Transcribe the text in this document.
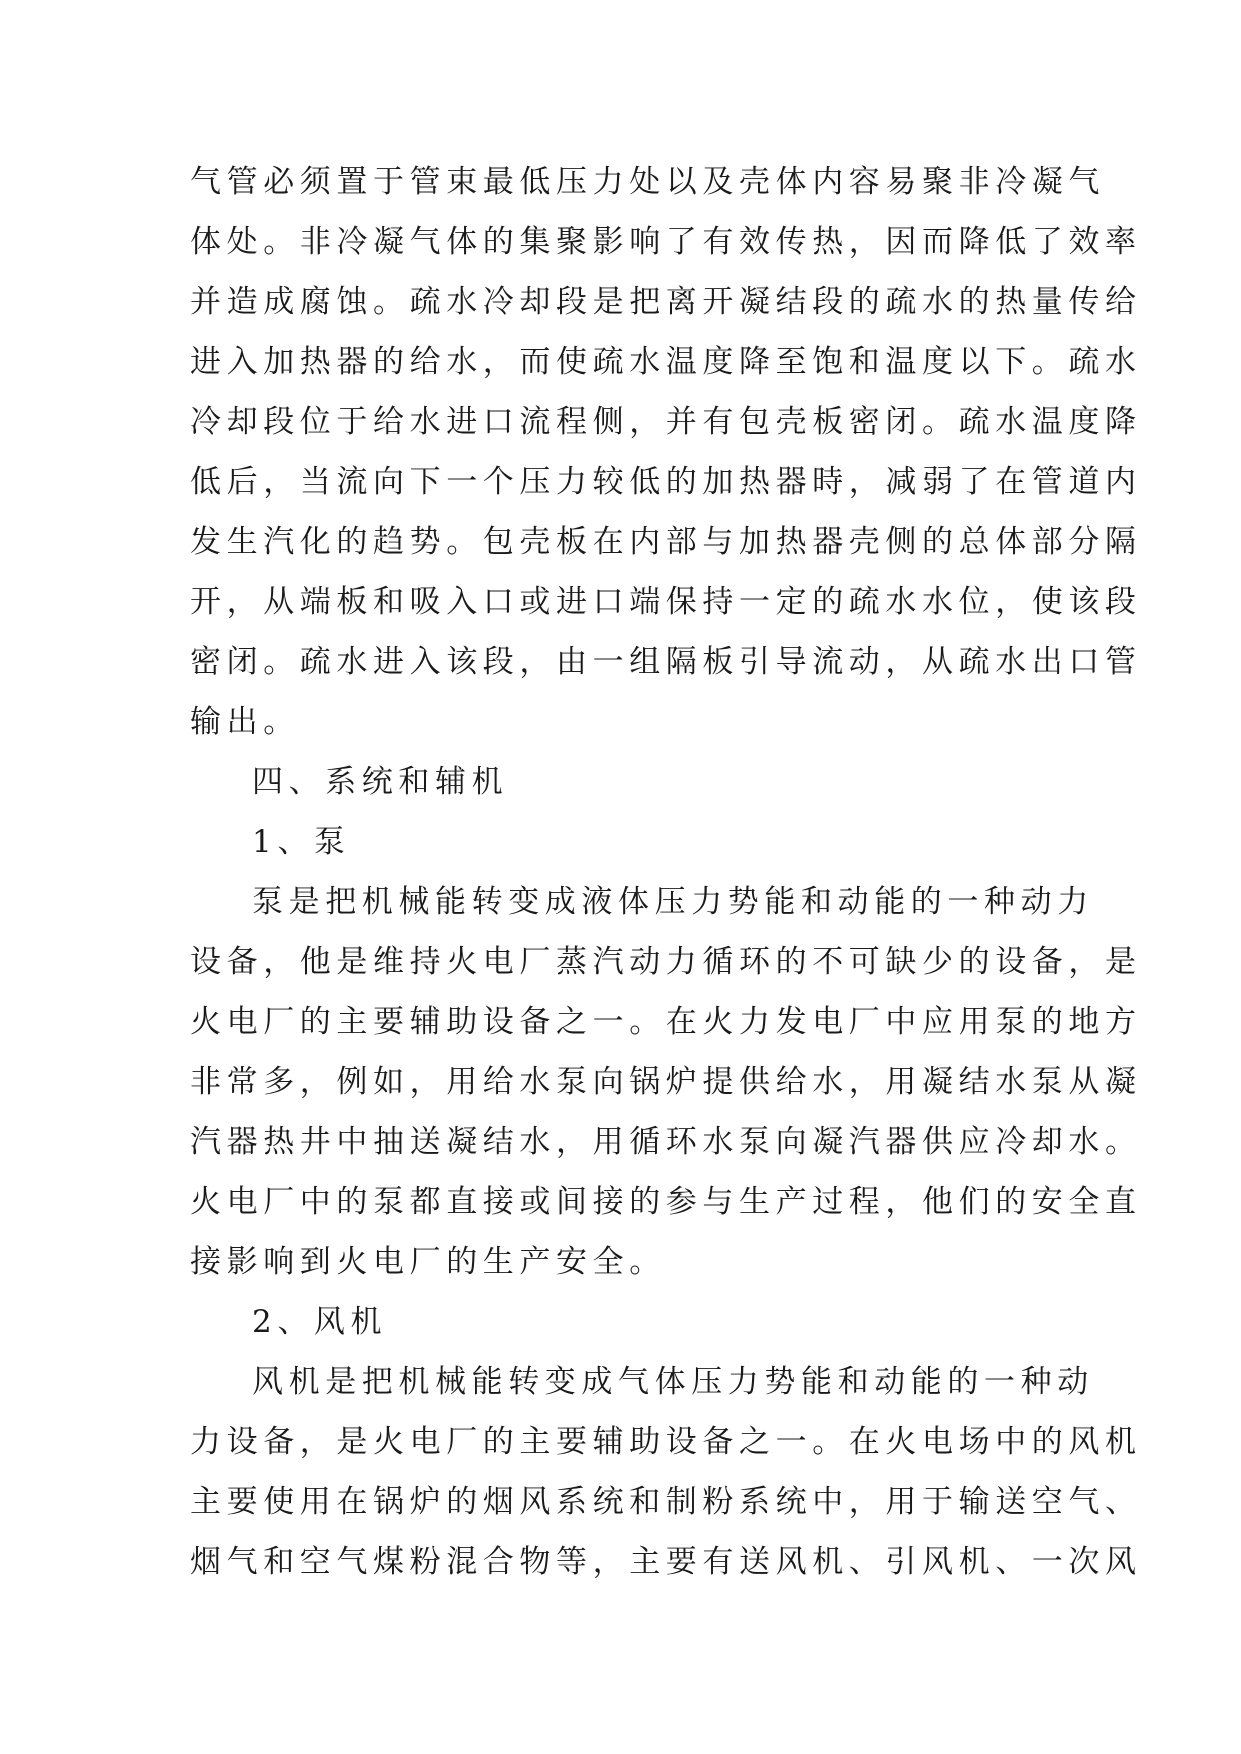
气管必须置于管束最低压力处以及壳体内容易聚非冷凝气
体处。非冷凝气体的集聚影响了有效传热，因而降低了效率
并造成腐蚀。疏水冷却段是把离开凝结段的疏水的热量传给
进入加热器的给水，而使疏水温度降至饱和温度以下。疏水
冷却段位于给水进口流程侧，并有包壳板密闭。疏水温度降
低后，当流向下一个压力较低的加热器時，减弱了在管道内
发生汽化的趋势。包壳板在内部与加热器壳侧的总体部分隔
开，从端板和吸入口或进口端保持一定的疏水水位，使该段
密闭。疏水进入该段，由一组隔板引导流动，从疏水出口管
输出。
四、系统和辅机
1、泵
泵是把机械能转变成液体压力势能和动能的一种动力
设备，他是维持火电厂蒸汽动力循环的不可缺少的设备，是
火电厂的主要辅助设备之一。在火力发电厂中应用泵的地方
非常多，例如，用给水泵向锅炉提供给水，用凝结水泵从凝
汽器热井中抽送凝结水，用循环水泵向凝汽器供应冷却水。
火电厂中的泵都直接或间接的参与生产过程，他们的安全直
接影响到火电厂的生产安全。
2、风机
风机是把机械能转变成气体压力势能和动能的一种动
力设备，是火电厂的主要辅助设备之一。在火电场中的风机
主要使用在锅炉的烟风系统和制粉系统中，用于输送空气、
烟气和空气煤粉混合物等，主要有送风机、引风机、一次风
